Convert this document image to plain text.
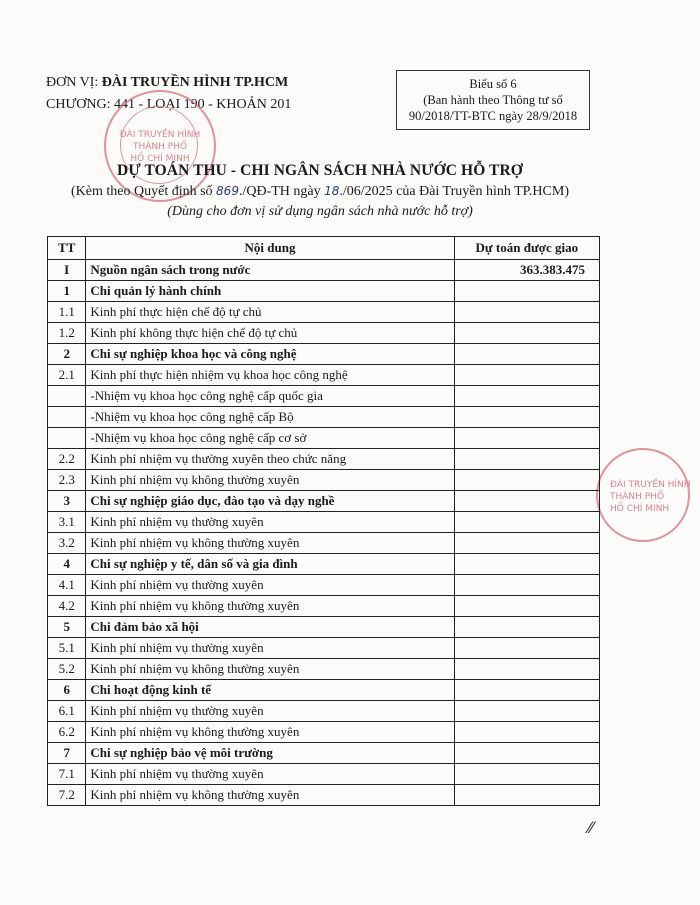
ĐƠN VỊ: ĐÀI TRUYỀN HÌNH TP.HCM
CHƯƠNG: 441 - LOẠI 190 - KHOẢN 201
ĐÀI TRUYỀN HÌNH
THÀNH PHỐ
HỒ CHÍ MINH
ĐÀI TRUYỀN HÌNH
THÀNH PHỐ
HỒ CHÍ MINH
Biểu số 6
(Ban hành theo Thông tư số
90/2018/TT-BTC ngày 28/9/2018
DỰ TOÁN THU - CHI NGÂN SÁCH NHÀ NƯỚC HỖ TRỢ
(Kèm theo Quyết định số 869./QĐ-TH ngày 18./06/2025 của Đài Truyền hình TP.HCM)
(Dùng cho đơn vị sử dụng ngân sách nhà nước hỗ trợ)
TT	Nội dung	Dự toán được giao
I	Nguồn ngân sách trong nước	363.383.475
1	Chi quản lý hành chính	
1.1	Kinh phí thực hiện chế độ tự chủ	
1.2	Kinh phí không thực hiện chế độ tự chủ	
2	Chi sự nghiệp khoa học và công nghệ	
2.1	Kinh phí thực hiện nhiệm vụ khoa học công nghệ	
	-Nhiệm vụ khoa học công nghệ cấp quốc gia	
	-Nhiệm vụ khoa học công nghệ cấp Bộ	
	-Nhiệm vụ khoa học công nghệ cấp cơ sở	
2.2	Kinh phí nhiệm vụ thường xuyên theo chức năng	
2.3	Kinh phí nhiệm vụ không thường xuyên	
3	Chi sự nghiệp giáo dục, đào tạo và dạy nghề	
3.1	Kinh phí nhiệm vụ thường xuyên	
3.2	Kinh phí nhiệm vụ không thường xuyên	
4	Chi sự nghiệp y tế, dân số và gia đình	
4.1	Kinh phí nhiệm vụ thường xuyên	
4.2	Kinh phí nhiệm vụ không thường xuyên	
5	Chi đảm bảo xã hội	
5.1	Kinh phí nhiệm vụ thường xuyên	
5.2	Kinh phí nhiệm vụ không thường xuyên	
6	Chi hoạt động kinh tế	
6.1	Kinh phí nhiệm vụ thường xuyên	
6.2	Kinh phí nhiệm vụ không thường xuyên	
7	Chi sự nghiệp bảo vệ môi trường	
7.1	Kinh phí nhiệm vụ thường xuyên	
7.2	Kinh phí nhiệm vụ không thường xuyên	
⁄⁄
